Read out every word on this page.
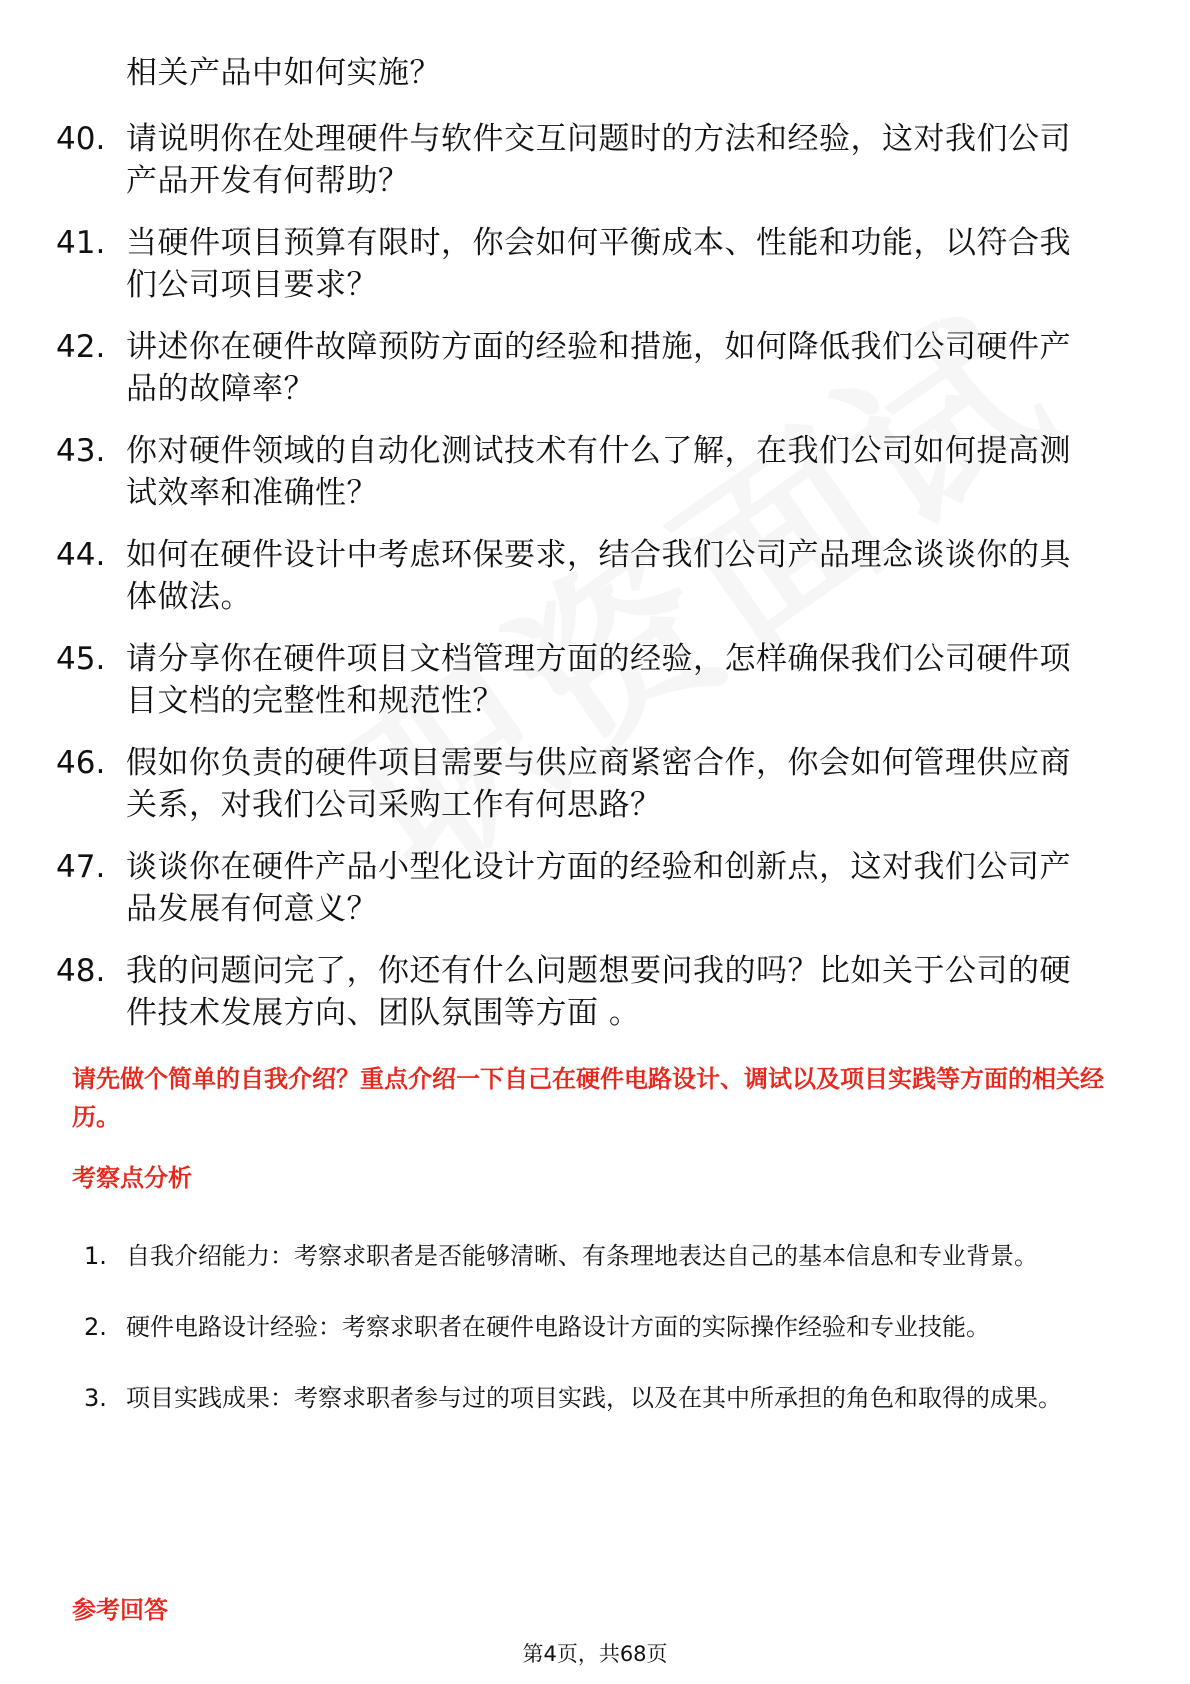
相关产品中如何实施？
40. 请说明你在处理硬件与软件交互问题时的方法和经验，这对我们公司产品开发有何帮助？
41. 当硬件项目预算有限时，你会如何平衡成本、性能和功能，以符合我们公司项目要求？
42. 讲述你在硬件故障预防方面的经验和措施，如何降低我们公司硬件产品的故障率？
43. 你对硬件领域的自动化测试技术有什么了解，在我们公司如何提高测试效率和准确性？
44. 如何在硬件设计中考虑环保要求，结合我们公司产品理念谈谈你的具体做法。
45. 请分享你在硬件项目文档管理方面的经验，怎样确保我们公司硬件项目文档的完整性和规范性？
46. 假如你负责的硬件项目需要与供应商紧密合作，你会如何管理供应商关系，对我们公司采购工作有何思路？
47. 谈谈你在硬件产品小型化设计方面的经验和创新点，这对我们公司产品发展有何意义？
48. 我的问题问完了，你还有什么问题想要问我的吗？比如关于公司的硬件技术发展方向、团队氛围等方面 。
请先做个简单的自我介绍？重点介绍一下自己在硬件电路设计、调试以及项目实践等方面的相关经历。
考察点分析
1. 自我介绍能力：考察求职者是否能够清晰、有条理地表达自己的基本信息和专业背景。
2. 硬件电路设计经验：考察求职者在硬件电路设计方面的实际操作经验和专业技能。
3. 项目实践成果：考察求职者参与过的项目实践，以及在其中所承担的角色和取得的成果。
参考回答
第4页，共68页
